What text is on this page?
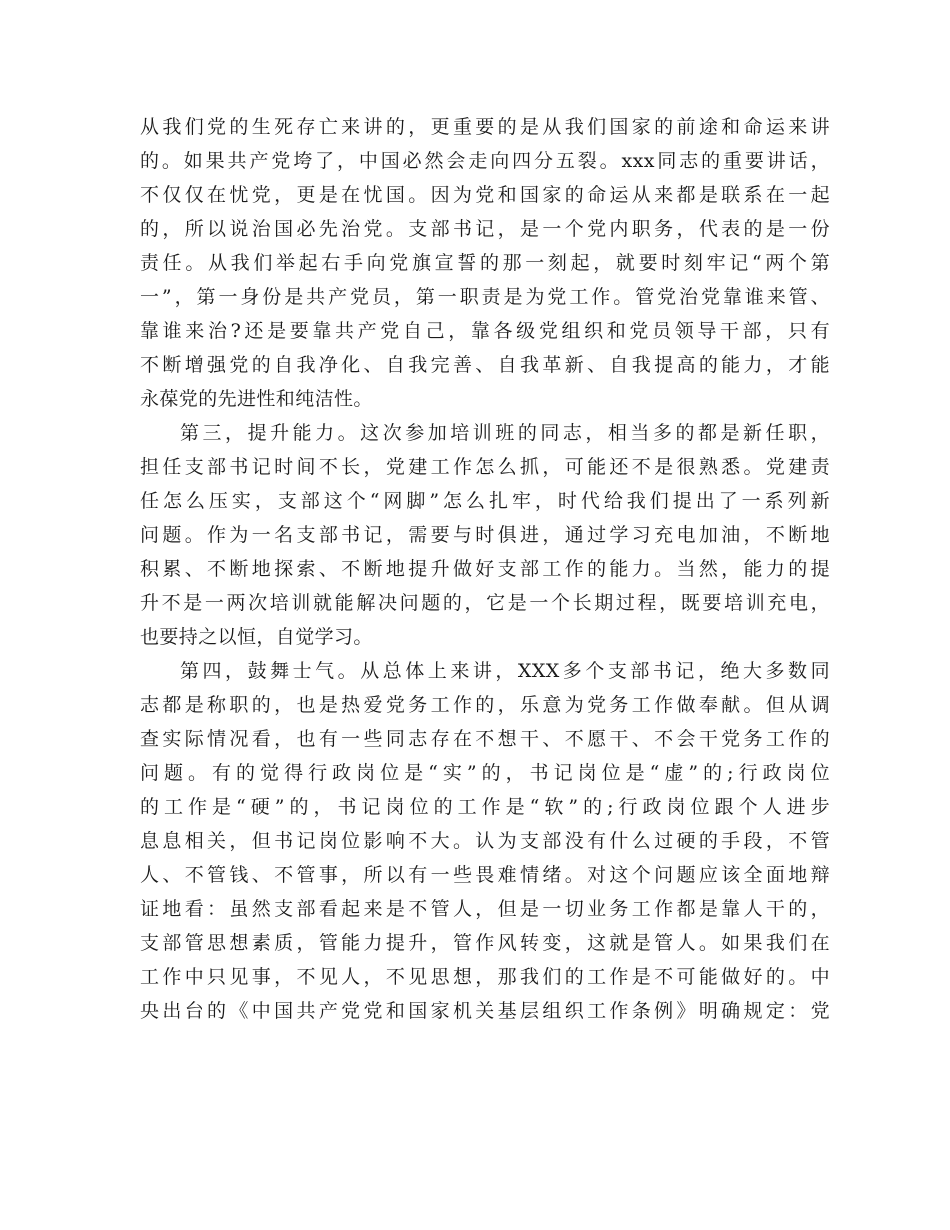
从我们党的生死存亡来讲的，更重要的是从我们国家的前途和命运来讲
的。如果共产党垮了，中国必然会走向四分五裂。xxx同志的重要讲话，
不仅仅在忧党，更是在忧国。因为党和国家的命运从来都是联系在一起
的，所以说治国必先治党。支部书记，是一个党内职务，代表的是一份
责任。从我们举起右手向党旗宣誓的那一刻起，就要时刻牢记“两个第
一”，第一身份是共产党员，第一职责是为党工作。管党治党靠谁来管、
靠谁来治?还是要靠共产党自己，靠各级党组织和党员领导干部，只有
不断增强党的自我净化、自我完善、自我革新、自我提高的能力，才能
永葆党的先进性和纯洁性。
第三，提升能力。这次参加培训班的同志，相当多的都是新任职，
担任支部书记时间不长，党建工作怎么抓，可能还不是很熟悉。党建责
任怎么压实，支部这个“网脚”怎么扎牢，时代给我们提出了一系列新
问题。作为一名支部书记，需要与时俱进，通过学习充电加油，不断地
积累、不断地探索、不断地提升做好支部工作的能力。当然，能力的提
升不是一两次培训就能解决问题的，它是一个长期过程，既要培训充电，
也要持之以恒，自觉学习。
第四，鼓舞士气。从总体上来讲，XXX多个支部书记，绝大多数同
志都是称职的，也是热爱党务工作的，乐意为党务工作做奉献。但从调
查实际情况看，也有一些同志存在不想干、不愿干、不会干党务工作的
问题。有的觉得行政岗位是“实”的，书记岗位是“虚”的;行政岗位
的工作是“硬”的，书记岗位的工作是“软”的;行政岗位跟个人进步
息息相关，但书记岗位影响不大。认为支部没有什么过硬的手段，不管
人、不管钱、不管事，所以有一些畏难情绪。对这个问题应该全面地辩
证地看：虽然支部看起来是不管人，但是一切业务工作都是靠人干的，
支部管思想素质，管能力提升，管作风转变，这就是管人。如果我们在
工作中只见事，不见人，不见思想，那我们的工作是不可能做好的。中
央出台的《中国共产党党和国家机关基层组织工作条例》明确规定：党
